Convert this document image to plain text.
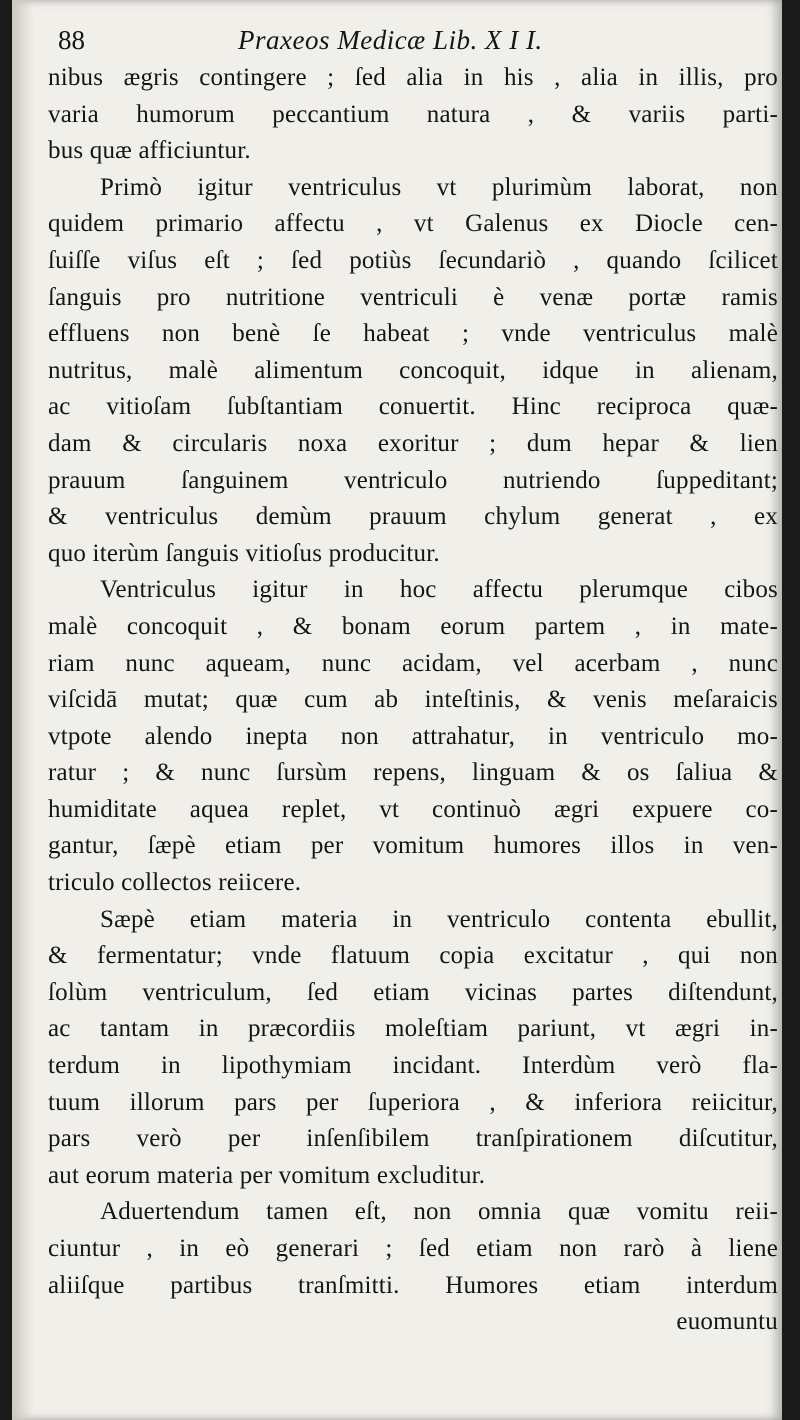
88	Praxeos Medicæ Lib. X I I.
nibus ægris contingere ; ſed alia in his , alia in illis, pro
varia humorum peccantium natura , & variis parti-
bus quæ afficiuntur.
Primò igitur ventriculus vt plurimùm laborat, non
quidem primario affectu , vt Galenus ex Diocle cen-
ſuiſſe viſus eſt ; ſed potiùs ſecundariò , quando ſcilicet
ſanguis pro nutritione ventriculi è venæ portæ ramis
effluens non benè ſe habeat ; vnde ventriculus malè
nutritus, malè alimentum concoquit, idque in alienam,
ac vitioſam ſubſtantiam conuertit. Hinc reciproca quæ-
dam & circularis noxa exoritur ; dum hepar & lien
prauum ſanguinem ventriculo nutriendo ſuppeditant;
& ventriculus demùm prauum chylum generat , ex
quo iterùm ſanguis vitioſus producitur.
Ventriculus igitur in hoc affectu plerumque cibos
malè concoquit , & bonam eorum partem , in mate-
riam nunc aqueam, nunc acidam, vel acerbam , nunc
viſcidā mutat; quæ cum ab inteſtinis, & venis meſaraicis
vtpote alendo inepta non attrahatur, in ventriculo mo-
ratur ; & nunc ſursùm repens, linguam & os ſaliua &
humiditate aquea replet, vt continuò ægri expuere co-
gantur, ſæpè etiam per vomitum humores illos in ven-
triculo collectos reiicere.
Sæpè etiam materia in ventriculo contenta ebullit,
& fermentatur; vnde flatuum copia excitatur , qui non
ſolùm ventriculum, ſed etiam vicinas partes diſtendunt,
ac tantam in præcordiis moleſtiam pariunt, vt ægri in-
terdum in lipothymiam incidant. Interdùm verò fla-
tuum illorum pars per ſuperiora , & inferiora reiicitur,
pars verò per inſenſibilem tranſpirationem diſcutitur,
aut eorum materia per vomitum excluditur.
Aduertendum tamen eſt, non omnia quæ vomitu reii-
ciuntur , in eò generari ; ſed etiam non rarò à liene
aliiſque partibus tranſmitti. Humores etiam interdum
euomuntu
